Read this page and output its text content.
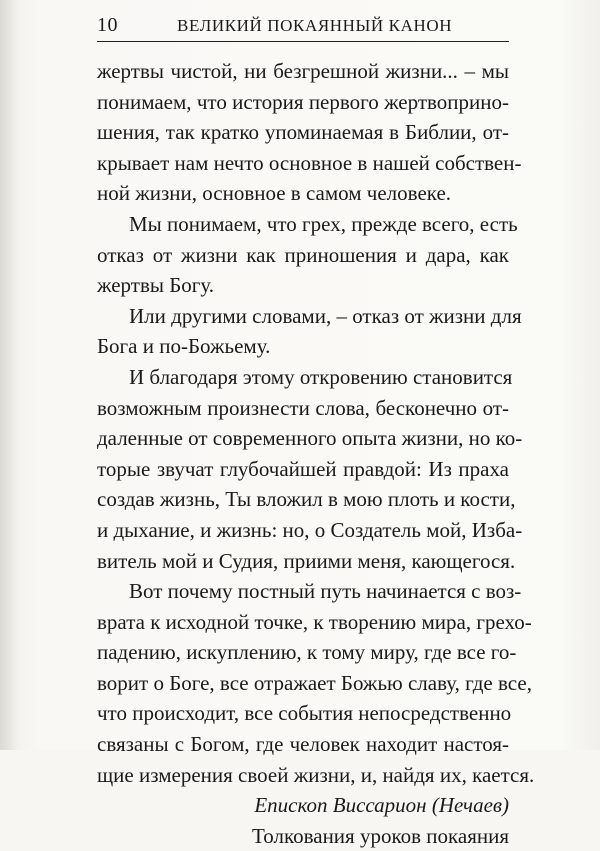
10	ВЕЛИКИЙ ПОКАЯННЫЙ КАНОН
жертвы чистой, ни безгрешной жизни... – мы
понимаем, что история первого жертвоприно-
шения, так кратко упоминаемая в Библии, от-
крывает нам нечто основное в нашей собствен-
ной жизни, основное в самом человеке.
Мы понимаем, что грех, прежде всего, есть
отказ от жизни как приношения и дара, как
жертвы Богу.
Или другими словами, – отказ от жизни для
Бога и по-Божьему.
И благодаря этому откровению становится
возможным произнести слова, бесконечно от-
даленные от современного опыта жизни, но ко-
торые звучат глубочайшей правдой: Из праха
создав жизнь, Ты вложил в мою плоть и кости,
и дыхание, и жизнь: но, о Создатель мой, Изба-
витель мой и Судия, приими меня, кающегося.
Вот почему постный путь начинается с воз-
врата к исходной точке, к творению мира, грехо-
падению, искуплению, к тому миру, где все го-
ворит о Боге, все отражает Божью славу, где все,
что происходит, все события непосредственно
связаны с Богом, где человек находит настоя-
щие измерения своей жизни, и, найдя их, кается.
Епископ Виссарион (Нечаев)
Толкования уроков покаяния
